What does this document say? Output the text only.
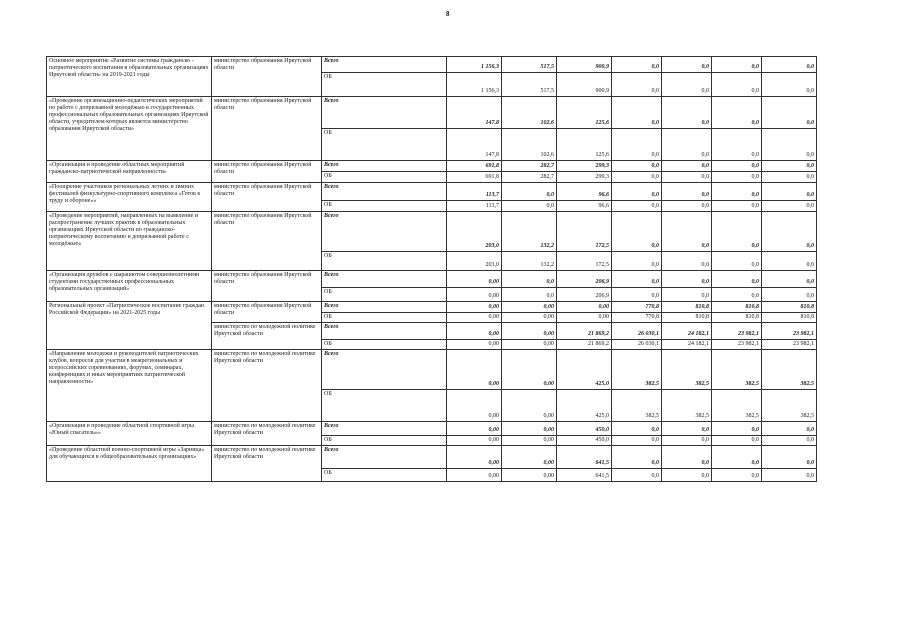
8
Основное мероприятие «Развитие системы гражданско - патриотического воспитания в образовательных организациях Иркутской области» на 2019-2021 годы	министерство образования Иркутской области	Всего	1 156,3	517,5	900,9	0,0	0,0	0,0	0,0
		ОБ	1 156,3	517,5	900,9	0,0	0,0	0,0	0,0
«Проведение организационно-педагогических мероприятий по работе с допризывной молодёжью в государственных профессиональных образовательных организациях Иркутской области, учредителем которых является министерство образования Иркутской области»	министерство образования Иркутской области	Всего	147,8	102,6	125,6	0,0	0,0	0,0	0,0
		ОБ	147,8	102,6	125,6	0,0	0,0	0,0	0,0
«Организация и проведение областных мероприятий гражданско-патриотической направленности»	министерство образования Иркутской области	Всего	691,8	282,7	299,3	0,0	0,0	0,0	0,0
		ОБ	691,8	282,7	299,3	0,0	0,0	0,0	0,0
«Поощрение участников региональных летних и зимних фестивалей физкультурно-спортивного комплекса «Готов к труду и обороне»»	министерство образования Иркутской области	Всего	113,7	0,0	96,6	0,0	0,0	0,0	0,0
		ОБ	113,7	0,0	96,6	0,0	0,0	0,0	0,0
«Проведение мероприятий, направленных на выявление и распространение лучших практик в образовательных организациях Иркутской области по гражданско-патриотическому воспитанию и допризывной работе с молодёжью»	министерство образования Иркутской области	Всего	203,0	132,2	172,5	0,0	0,0	0,0	0,0
		ОБ	203,0	132,2	172,5	0,0	0,0	0,0	0,0
«Организация дружбов с шарашютом совершеннолетними студентами государственных профессиональных образовательных организаций»	министерство образования Иркутской области	Всего	0,00	0,0	206,9	0,0	0,0	0,0	0,0
		ОБ	0,00	0,0	206,9	0,0	0,0	0,0	0,0
Региональный проект «Патриотическое воспитание граждан Российской Федерации» на 2021-2025 годы	министерство образования Иркутской области	Всего	0,00	0,00	0,00	770,8	810,8	810,8	810,8
		ОБ	0,00	0,00	0,00	770,8	810,8	810,8	810,8
	министерство по молодежной политике Иркутской области	Всего	0,00	0,00	21 869,2	26 030,1	24 182,1	23 982,1	23 982,1
		ОБ	0,00	0,00	21 869,2	26 030,1	24 182,1	23 982,1	23 982,1
«Направление молодежи и руководителей патриотических клубов, вопросов для участия в межрегиональных и всероссийских соревнованиях, форумах, семинарах, конференциях и иных мероприятиях патриотической направленности»	министерство по молодежной политике Иркутской области	Всего	0,00	0,00	425,0	382,5	382,5	382,5	382,5
		ОБ	0,00	0,00	425,0	382,5	382,5	382,5	382,5
«Организация и проведение областной спортивной игры «Юный спасатель»»	министерство по молодежной политике Иркутской области	Всего	0,00	0,00	450,0	0,0	0,0	0,0	0,0
		ОБ	0,00	0,00	450,0	0,0	0,0	0,0	0,0
«Проведение областной военно-спортивной игры «Зарница» для обучающихся в общеобразовательных организациях»	министерство по молодежной политике Иркутской области	Всего	0,00	0,00	641,5	0,0	0,0	0,0	0,0
		ОБ	0,00	0,00	641,5	0,0	0,0	0,0	0,0
